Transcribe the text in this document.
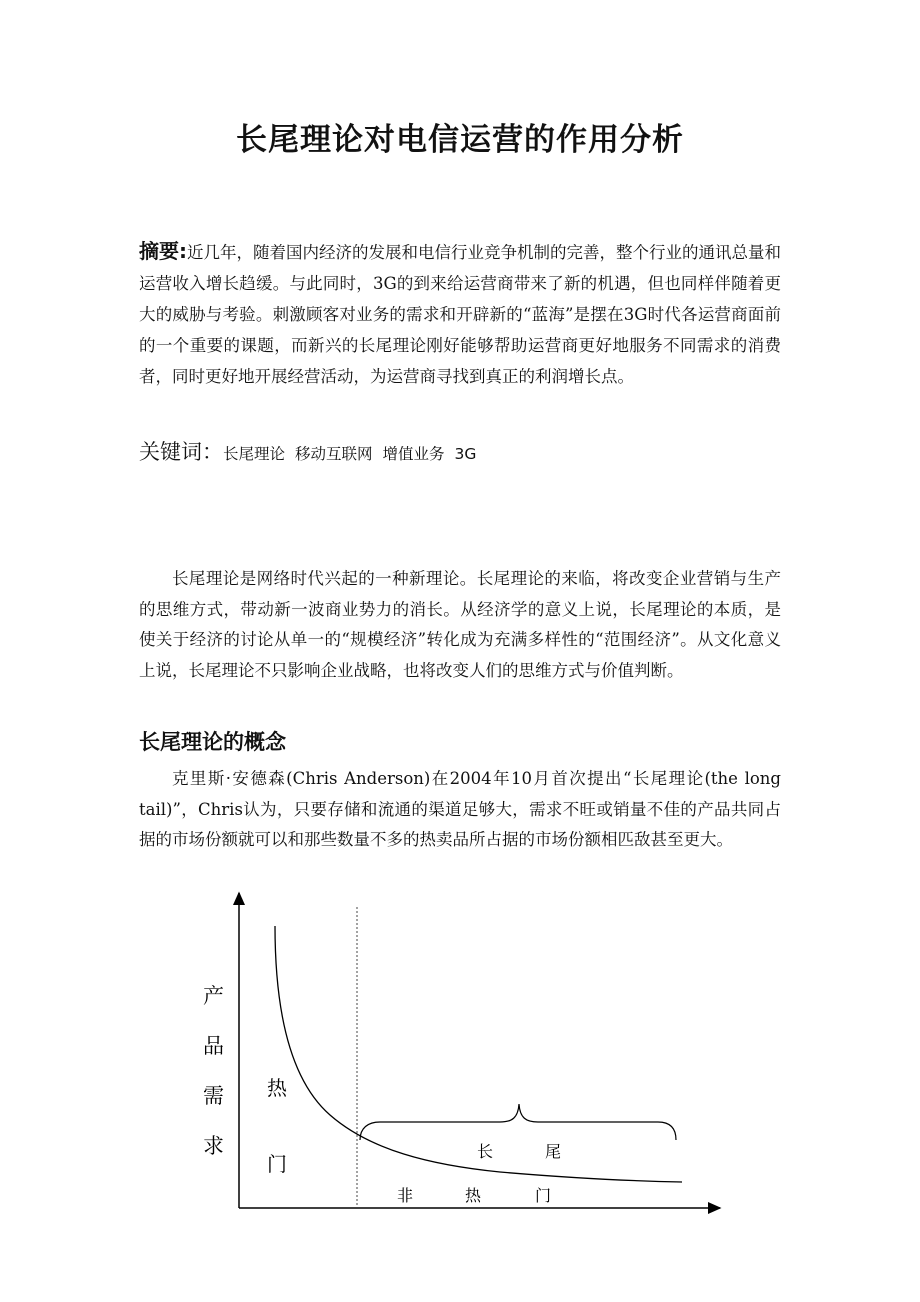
长尾理论对电信运营的作用分析

摘要:近几年，随着国内经济的发展和电信行业竞争机制的完善，整个行业的通讯总量和运营收入增长趋缓。与此同时，3G的到来给运营商带来了新的机遇，但也同样伴随着更大的威胁与考验。刺激顾客对业务的需求和开辟新的“蓝海”是摆在3G时代各运营商面前的一个重要的课题，而新兴的长尾理论刚好能够帮助运营商更好地服务不同需求的消费者，同时更好地开展经营活动，为运营商寻找到真正的利润增长点。

关键词：长尾理论 移动互联网 增值业务 3G

长尾理论是网络时代兴起的一种新理论。长尾理论的来临，将改变企业营销与生产的思维方式，带动新一波商业势力的消长。从经济学的意义上说，长尾理论的本质，是使关于经济的讨论从单一的“规模经济”转化成为充满多样性的“范围经济”。从文化意义上说，长尾理论不只影响企业战略，也将改变人们的思维方式与价值判断。

长尾理论的概念

克里斯·安德森(Chris Anderson)在2004年10月首次提出“长尾理论(the long tail)”，Chris认为，只要存储和流通的渠道足够大，需求不旺或销量不佳的产品共同占据的市场份额就可以和那些数量不多的热卖品所占据的市场份额相匹敌甚至更大。

产
品
需
求
热
门
长	尾
非	热	门
